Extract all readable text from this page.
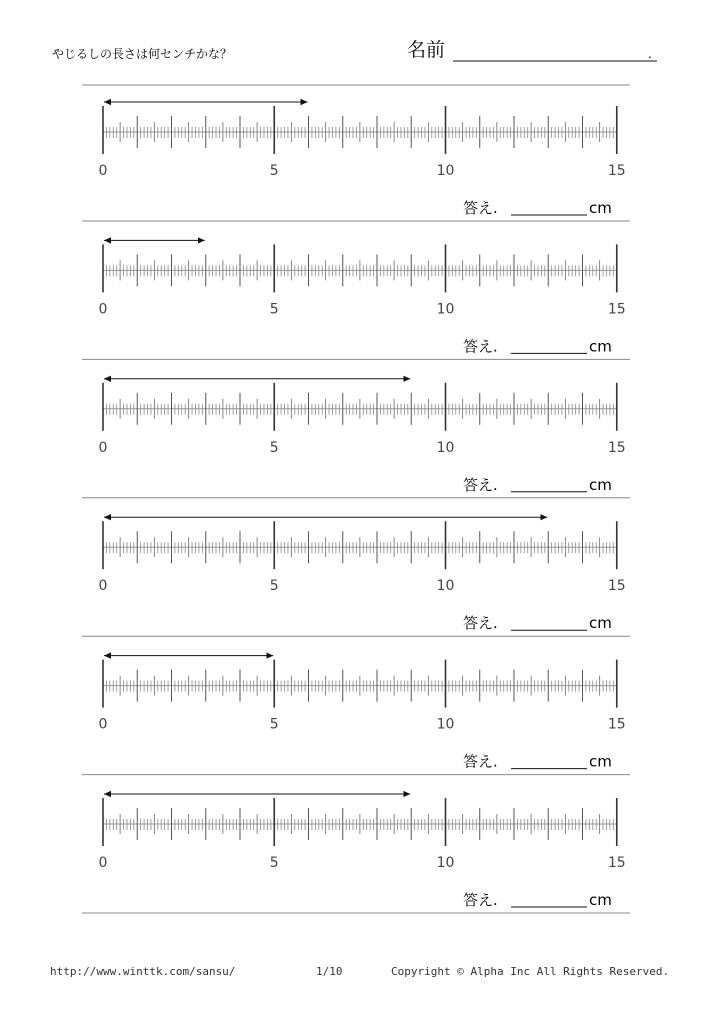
やじるしの長さは何センチかな？	名前	.
0	5	10	15
答え.	cm
0	5	10	15
答え.	cm
0	5	10	15
答え.	cm
0	5	10	15
答え.	cm
0	5	10	15
答え.	cm
0	5	10	15
答え.	cm
http://www.winttk.com/sansu/	1/10	Copyright © Alpha Inc All Rights Reserved.
